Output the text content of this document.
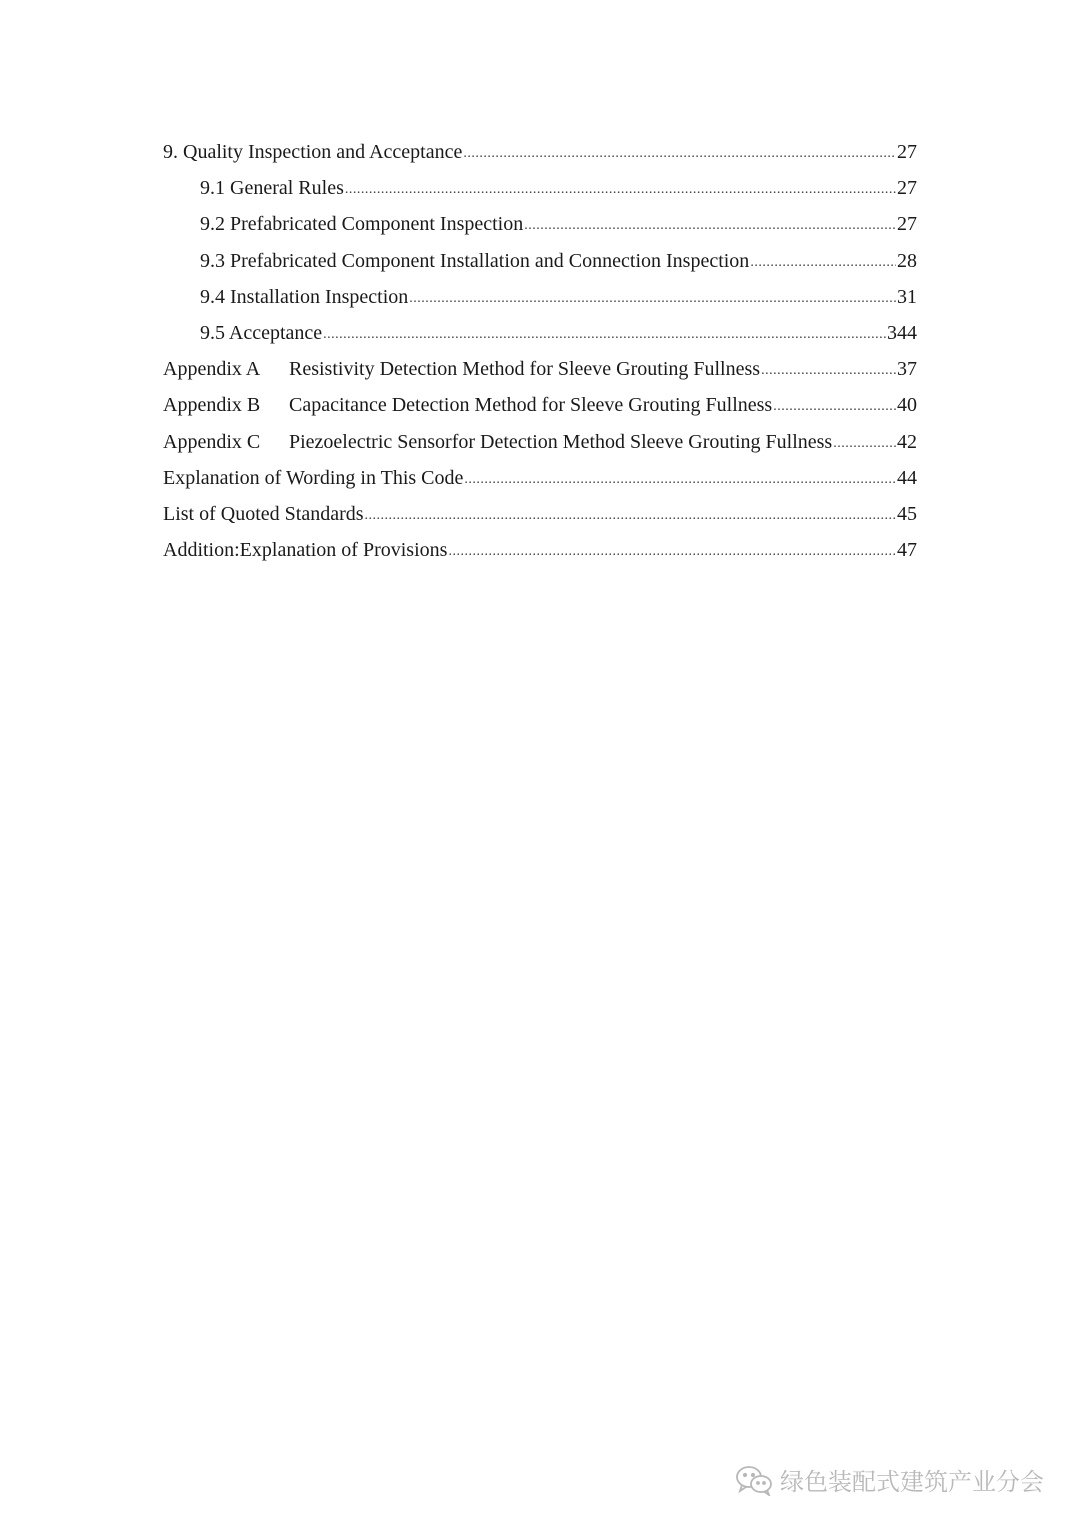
9. Quality Inspection and Acceptance .....	27
9.1 General Rules .....	27
9.2 Prefabricated Component Inspection .....	27
9.3 Prefabricated Component Installation and Connection Inspection .....	28
9.4 Installation Inspection .....	31
9.5 Acceptance .....	344
Appendix A Resistivity Detection Method for Sleeve Grouting Fullness .....	37
Appendix B Capacitance Detection Method for Sleeve Grouting Fullness .....	40
Appendix C Piezoelectric Sensorfor Detection Method Sleeve Grouting Fullness .....	42
Explanation of Wording in This Code .....	44
List of Quoted Standards .....	45
Addition:Explanation of Provisions .....	47
绿色装配式建筑产业分会
